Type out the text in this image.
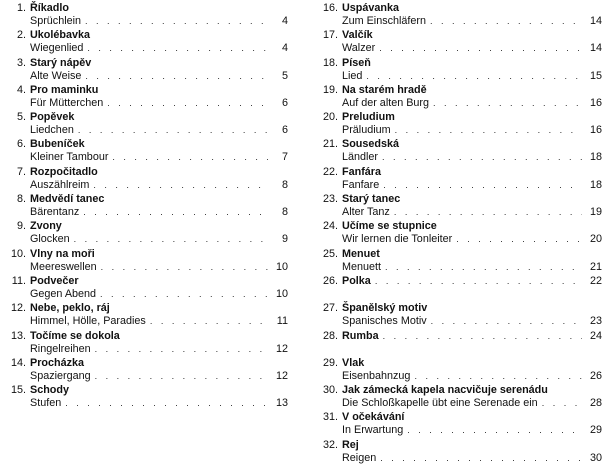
1. Říkadlo
Sprüchlein . . .	4
2. Ukolébavka
Wiegenlied . . .	4
3. Starý nápěv
Alte Weise . . .	5
4. Pro maminku
Für Mütterchen . . .	6
5. Popěvek
Liedchen . . .	6
6. Bubeníček
Kleiner Tambour . . .	7
7. Rozpočitadlo
Auszählreim . . .	8
8. Medvědí tanec
Bärentanz . . .	8
9. Zvony
Glocken . . .	9
10. Vlny na moři
Meereswellen . . .	10
11. Podvečer
Gegen Abend . . .	10
12. Nebe, peklo, ráj
Himmel, Hölle, Paradies . . .	11
13. Točíme se dokola
Ringelreihen . . .	12
14. Procházka
Spaziergang . . .	12
15. Schody
Stufen . . .	13
16. Uspávanka
Zum Einschläfern . . .	14
17. Valčík
Walzer . . .	14
18. Píseň
Lied . . .	15
19. Na starém hradě
Auf der alten Burg . . .	16
20. Preludium
Präludium . . .	16
21. Sousedská
Ländler . . .	18
22. Fanfára
Fanfare . . .	18
23. Starý tanec
Alter Tanz . . .	19
24. Učíme se stupnice
Wir lernen die Tonleiter . . .	20
25. Menuet
Menuett . . .	21
26. Polka . . .	22
27. Španělský motiv
Spanisches Motiv . . .	23
28. Rumba . . .	24
29. Vlak
Eisenbahnzug . . .	26
30. Jak zámecká kapela nacvičuje serenádu
Die Schloßkapelle übt eine Serenade ein . . .	28
31. V očekávání
In Erwartung . . .	29
32. Rej
Reigen . . .	30
